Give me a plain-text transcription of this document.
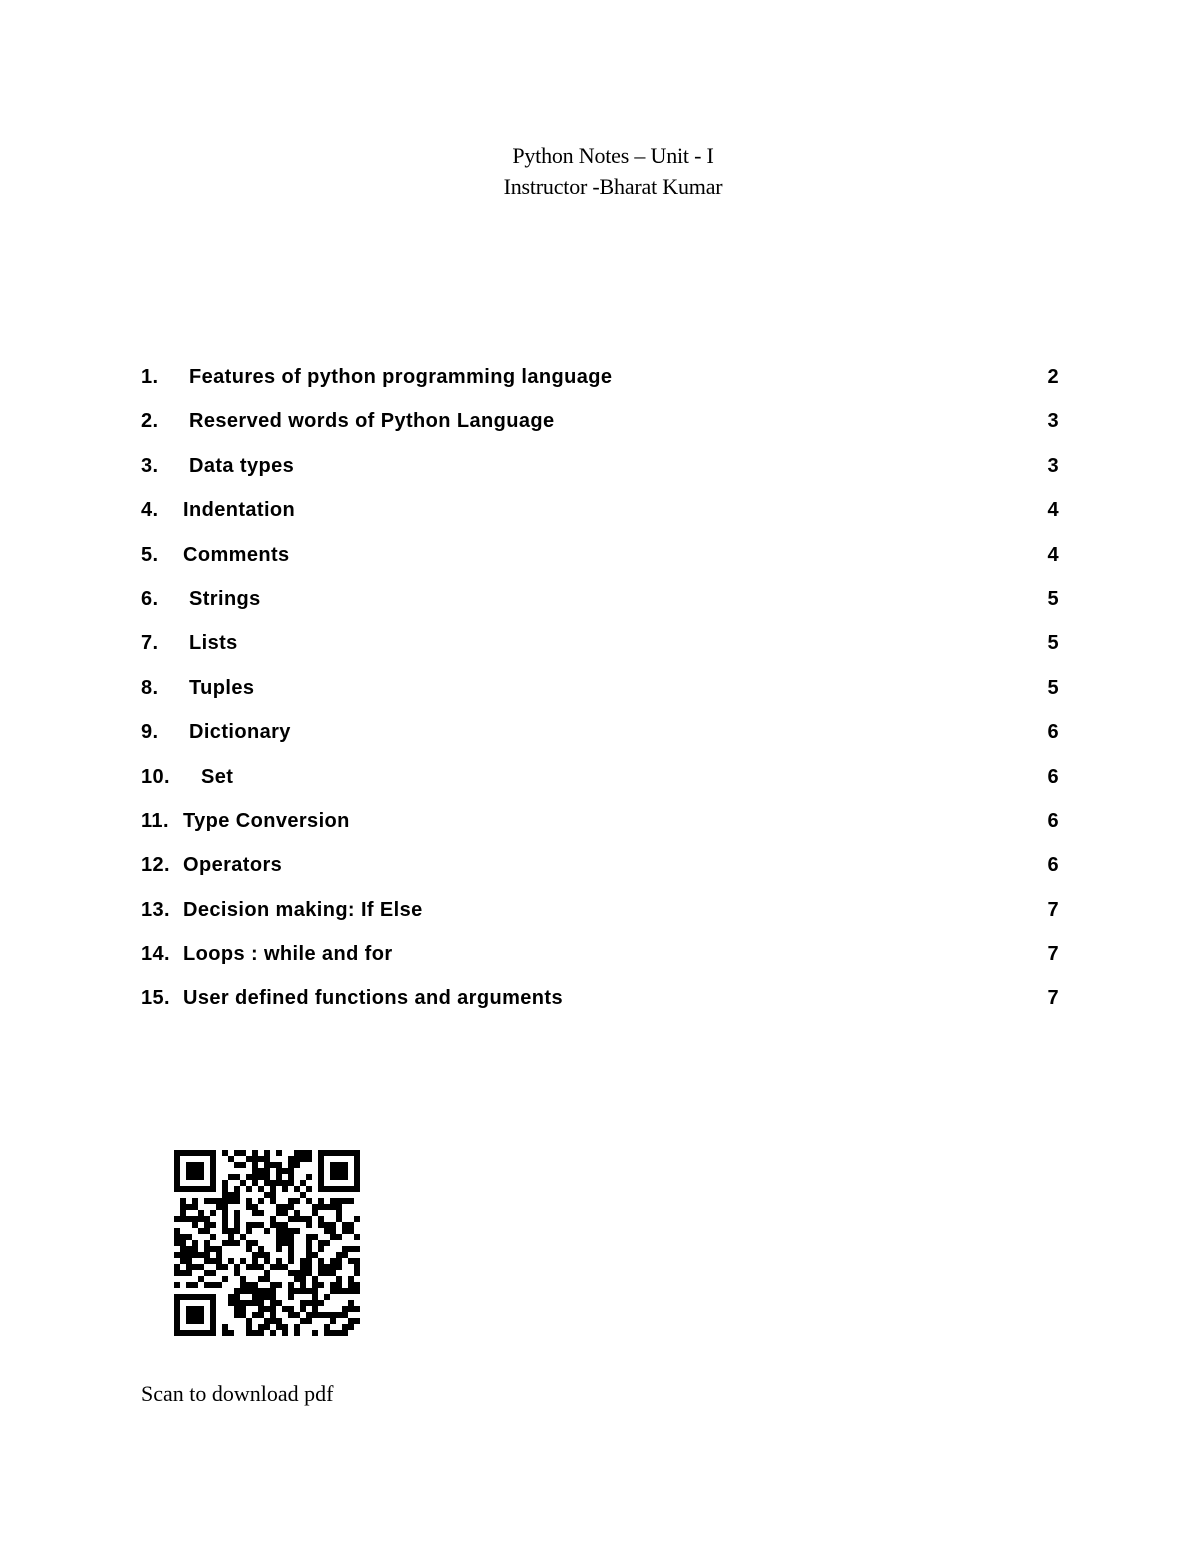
Python Notes – Unit - I
Instructor -Bharat Kumar
1. Features of python programming language	2
2. Reserved words of Python Language	3
3. Data types	3
4. Indentation	4
5. Comments	4
6. Strings	5
7. Lists	5
8. Tuples	5
9. Dictionary	6
10. Set	6
11. Type Conversion	6
12. Operators	6
13. Decision making: If Else	7
14. Loops : while and for	7
15. User defined functions and arguments	7
Scan to download pdf
